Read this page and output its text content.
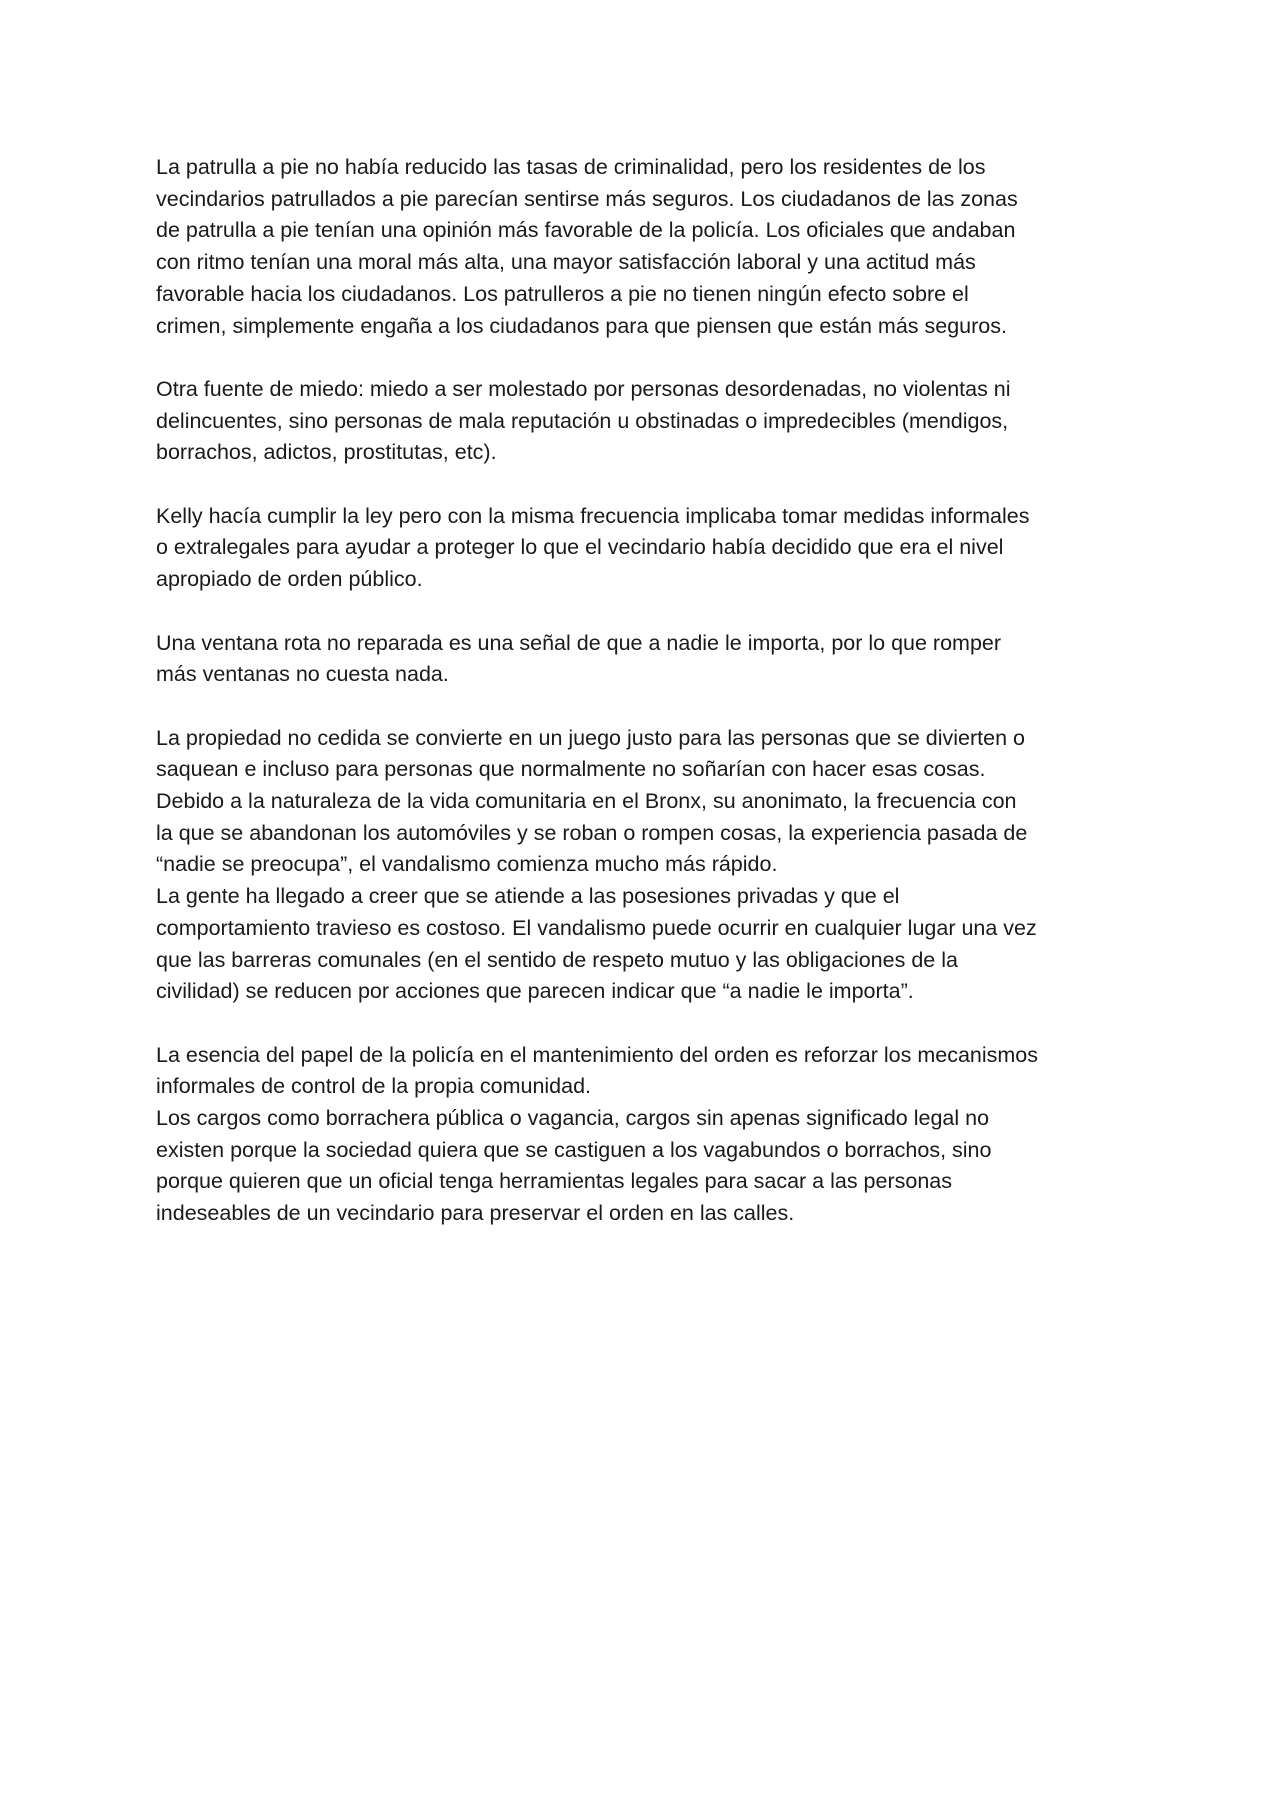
La patrulla a pie no había reducido las tasas de criminalidad, pero los residentes de los
vecindarios patrullados a pie parecían sentirse más seguros. Los ciudadanos de las zonas
de patrulla a pie tenían una opinión más favorable de la policía. Los oficiales que andaban
con ritmo tenían una moral más alta, una mayor satisfacción laboral y una actitud más
favorable hacia los ciudadanos. Los patrulleros a pie no tienen ningún efecto sobre el
crimen, simplemente engaña a los ciudadanos para que piensen que están más seguros.

Otra fuente de miedo: miedo a ser molestado por personas desordenadas, no violentas ni
delincuentes, sino personas de mala reputación u obstinadas o impredecibles (mendigos,
borrachos, adictos, prostitutas, etc).

Kelly hacía cumplir la ley pero con la misma frecuencia implicaba tomar medidas informales
o extralegales para ayudar a proteger lo que el vecindario había decidido que era el nivel
apropiado de orden público.

Una ventana rota no reparada es una señal de que a nadie le importa, por lo que romper
más ventanas no cuesta nada.

La propiedad no cedida se convierte en un juego justo para las personas que se divierten o
saquean e incluso para personas que normalmente no soñarían con hacer esas cosas.
Debido a la naturaleza de la vida comunitaria en el Bronx, su anonimato, la frecuencia con
la que se abandonan los automóviles y se roban o rompen cosas, la experiencia pasada de
“nadie se preocupa”, el vandalismo comienza mucho más rápido.

La gente ha llegado a creer que se atiende a las posesiones privadas y que el
comportamiento travieso es costoso. El vandalismo puede ocurrir en cualquier lugar una vez
que las barreras comunales (en el sentido de respeto mutuo y las obligaciones de la
civilidad) se reducen por acciones que parecen indicar que “a nadie le importa”.

La esencia del papel de la policía en el mantenimiento del orden es reforzar los mecanismos
informales de control de la propia comunidad.

Los cargos como borrachera pública o vagancia, cargos sin apenas significado legal no
existen porque la sociedad quiera que se castiguen a los vagabundos o borrachos, sino
porque quieren que un oficial tenga herramientas legales para sacar a las personas
indeseables de un vecindario para preservar el orden en las calles.
